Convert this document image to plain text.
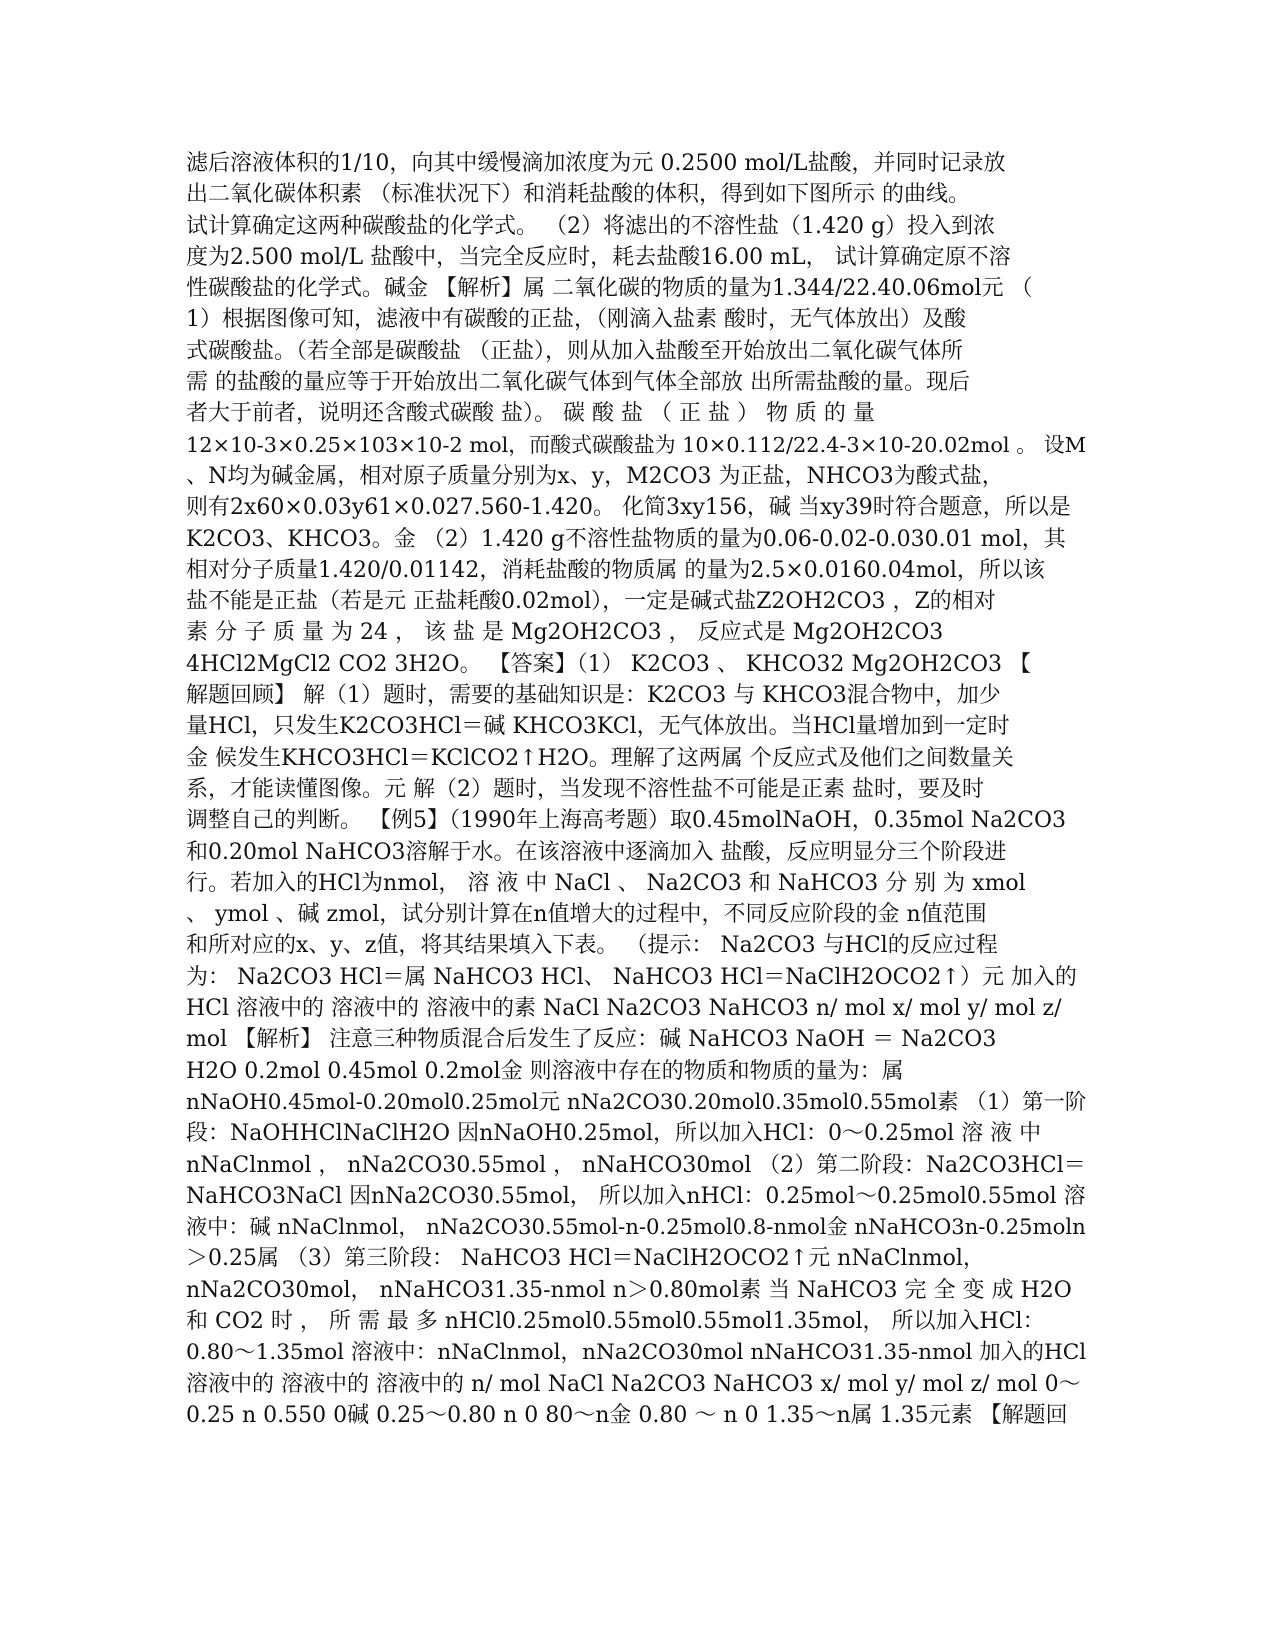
滤后溶液体积的1/10，向其中缓慢滴加浓度为元 0.2500 mol/L盐酸，并同时记录放
出二氧化碳体积素 （标准状况下）和消耗盐酸的体积，得到如下图所示 的曲线。
试计算确定这两种碳酸盐的化学式。 （2）将滤出的不溶性盐（1.420 g）投入到浓
度为2.500 mol/L 盐酸中，当完全反应时，耗去盐酸16.00 mL， 试计算确定原不溶
性碳酸盐的化学式。碱金 【解析】属 二氧化碳的物质的量为1.344/22.40.06mol元 （
1）根据图像可知，滤液中有碳酸的正盐，（刚滴入盐素 酸时，无气体放出）及酸
式碳酸盐。（若全部是碳酸盐 （正盐），则从加入盐酸至开始放出二氧化碳气体所
需 的盐酸的量应等于开始放出二氧化碳气体到气体全部放 出所需盐酸的量。现后
者大于前者，说明还含酸式碳酸 盐）。 碳 酸 盐 （ 正 盐 ） 物 质 的 量
12×10-3×0.25×103×10-2 mol，而酸式碳酸盐为 10×0.112/22.4-3×10-20.02mol 。 设M
、N均为碱金属，相对原子质量分别为x、y，M2CO3 为正盐，NHCO3为酸式盐，
则有2x60×0.03y61×0.027.560-1.420。 化简3xy156，碱 当xy39时符合题意，所以是
K2CO3、KHCO3。金 （2）1.420 g不溶性盐物质的量为0.06-0.02-0.030.01 mol，其
相对分子质量1.420/0.01142，消耗盐酸的物质属 的量为2.5×0.0160.04mol，所以该
盐不能是正盐（若是元 正盐耗酸0.02mol），一定是碱式盐Z2OH2CO3 ，Z的相对
素 分 子 质 量 为 24 ， 该 盐 是 Mg2OH2CO3 ， 反应式是 Mg2OH2CO3
4HCl2MgCl2 CO2 3H2O。 【答案】（1） K2CO3 、 KHCO32 Mg2OH2CO3 【
解题回顾】 解（1）题时，需要的基础知识是：K2CO3 与 KHCO3混合物中，加少
量HCl，只发生K2CO3HCl＝碱 KHCO3KCl，无气体放出。当HCl量增加到一定时
金 候发生KHCO3HCl＝KClCO2↑H2O。理解了这两属 个反应式及他们之间数量关
系，才能读懂图像。元 解（2）题时，当发现不溶性盐不可能是正素 盐时，要及时
调整自己的判断。 【例5】（1990年上海高考题）取0.45molNaOH，0.35mol Na2CO3
和0.20mol NaHCO3溶解于水。在该溶液中逐滴加入 盐酸，反应明显分三个阶段进
行。若加入的HCl为nmol， 溶 液 中 NaCl 、 Na2CO3 和 NaHCO3 分 别 为 xmol
、 ymol 、碱 zmol，试分别计算在n值增大的过程中，不同反应阶段的金 n值范围
和所对应的x、y、z值，将其结果填入下表。 （提示： Na2CO3 与HCl的反应过程
为： Na2CO3 HCl＝属 NaHCO3 HCl、 NaHCO3 HCl＝NaClH2OCO2↑）元 加入的
HCl 溶液中的 溶液中的 溶液中的素 NaCl Na2CO3 NaHCO3 n/ mol x/ mol y/ mol z/
mol 【解析】 注意三种物质混合后发生了反应：碱 NaHCO3 NaOH ＝ Na2CO3
H2O 0.2mol 0.45mol 0.2mol金 则溶液中存在的物质和物质的量为：属
nNaOH0.45mol-0.20mol0.25mol元 nNa2CO30.20mol0.35mol0.55mol素 （1）第一阶
段：NaOHHClNaClH2O 因nNaOH0.25mol，所以加入HCl：0～0.25mol 溶 液 中
nNaClnmol ， nNa2CO30.55mol ， nNaHCO30mol （2）第二阶段：Na2CO3HCl＝
NaHCO3NaCl 因nNa2CO30.55mol， 所以加入nHCl：0.25mol～0.25mol0.55mol 溶
液中：碱 nNaClnmol， nNa2CO30.55mol-n-0.25mol0.8-nmol金 nNaHCO3n-0.25moln
＞0.25属 （3）第三阶段： NaHCO3 HCl＝NaClH2OCO2↑元 nNaClnmol，
nNa2CO30mol， nNaHCO31.35-nmol n＞0.80mol素 当 NaHCO3 完 全 变 成 H2O
和 CO2 时 ， 所 需 最 多 nHCl0.25mol0.55mol0.55mol1.35mol， 所以加入HCl：
0.80～1.35mol 溶液中：nNaClnmol，nNa2CO30mol nNaHCO31.35-nmol 加入的HCl
溶液中的 溶液中的 溶液中的 n/ mol NaCl Na2CO3 NaHCO3 x/ mol y/ mol z/ mol 0～
0.25 n 0.550 0碱 0.25～0.80 n 0 80～n金 0.80 ～ n 0 1.35～n属 1.35元素 【解题回
